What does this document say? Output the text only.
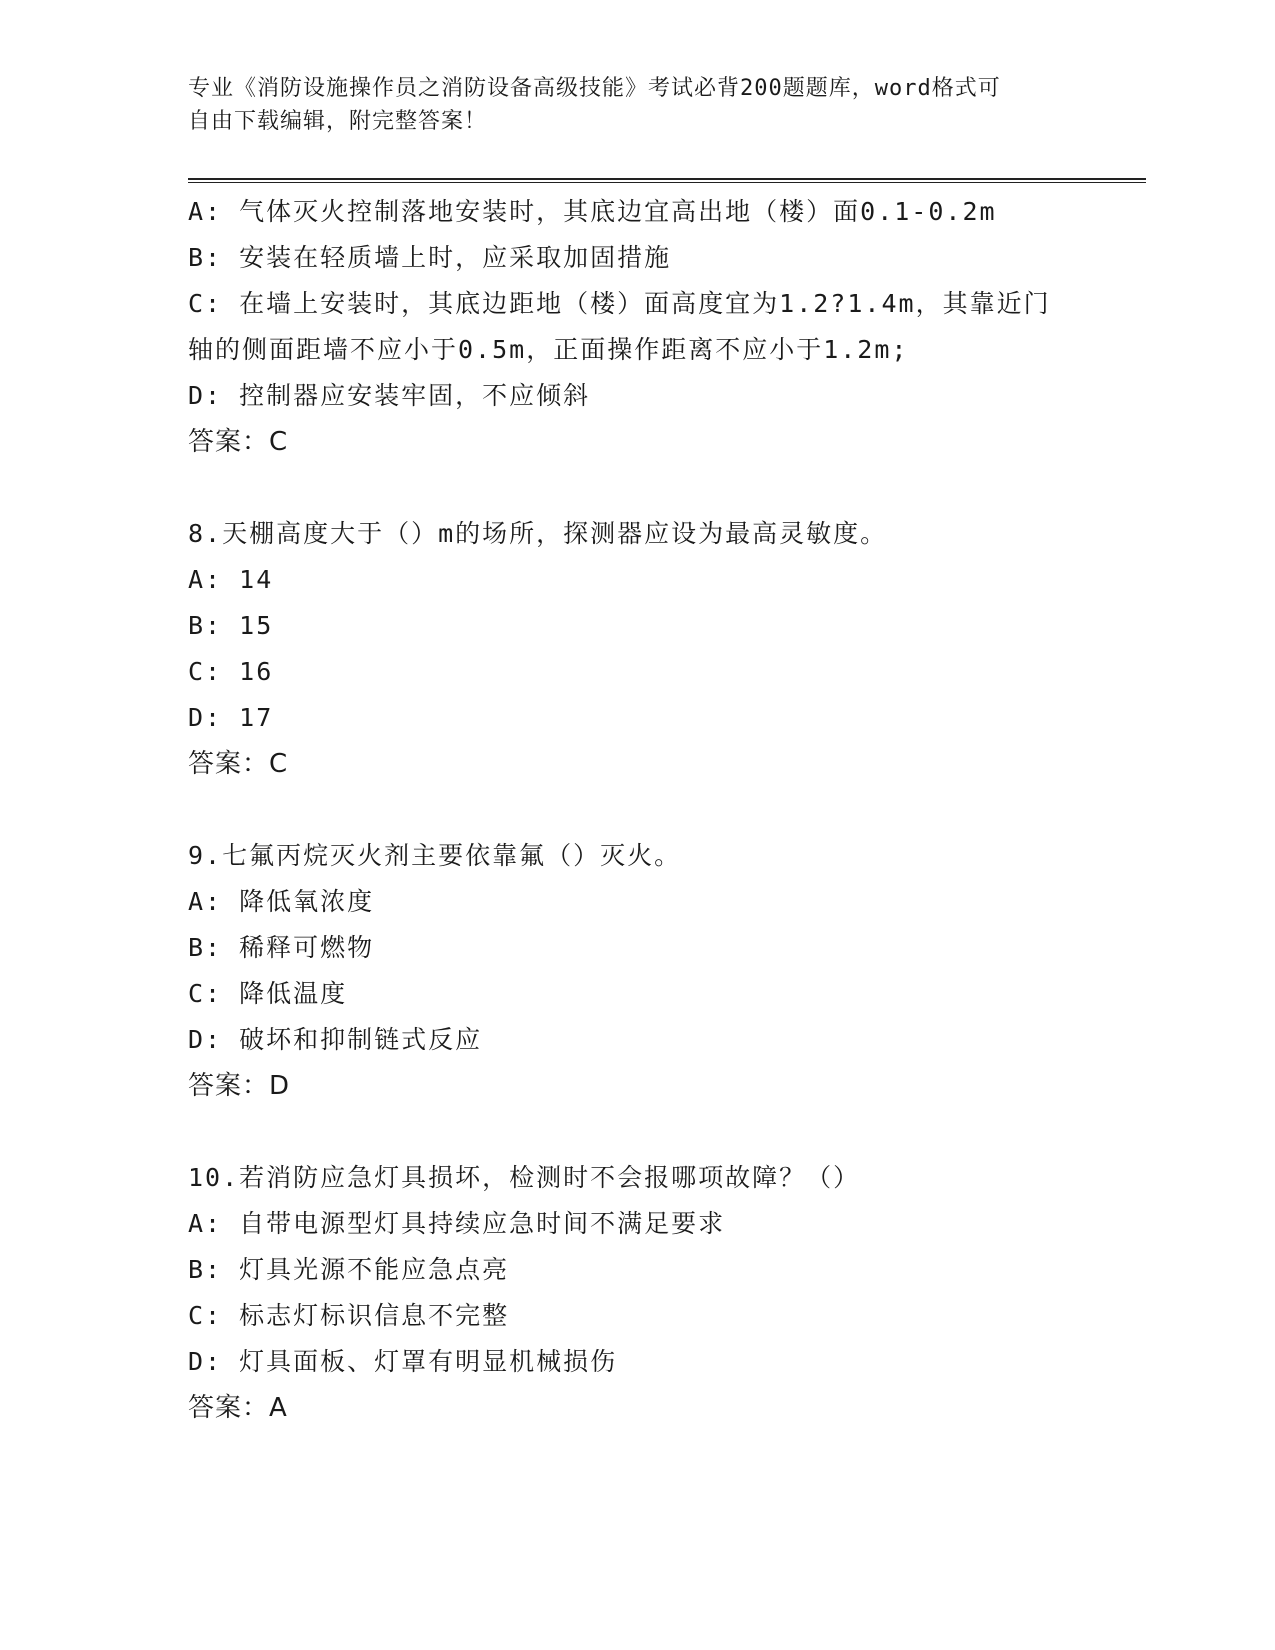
专业《消防设施操作员之消防设备高级技能》考试必背200题题库，word格式可
自由下载编辑，附完整答案！
A: 气体灭火控制落地安装时，其底边宜高出地（楼）面0.1-0.2m
B: 安装在轻质墙上时，应采取加固措施
C: 在墙上安装时，其底边距地（楼）面高度宜为1.2?1.4m，其靠近门
轴的侧面距墙不应小于0.5m，正面操作距离不应小于1.2m;
D: 控制器应安装牢固，不应倾斜
答案：C
8.天棚高度大于（）m的场所，探测器应设为最高灵敏度。
A: 14
B: 15
C: 16
D: 17
答案：C
9.七氟丙烷灭火剂主要依靠氟（）灭火。
A: 降低氧浓度
B: 稀释可燃物
C: 降低温度
D: 破坏和抑制链式反应
答案：D
10.若消防应急灯具损坏，检测时不会报哪项故障？（）
A: 自带电源型灯具持续应急时间不满足要求
B: 灯具光源不能应急点亮
C: 标志灯标识信息不完整
D: 灯具面板、灯罩有明显机械损伤
答案：A
